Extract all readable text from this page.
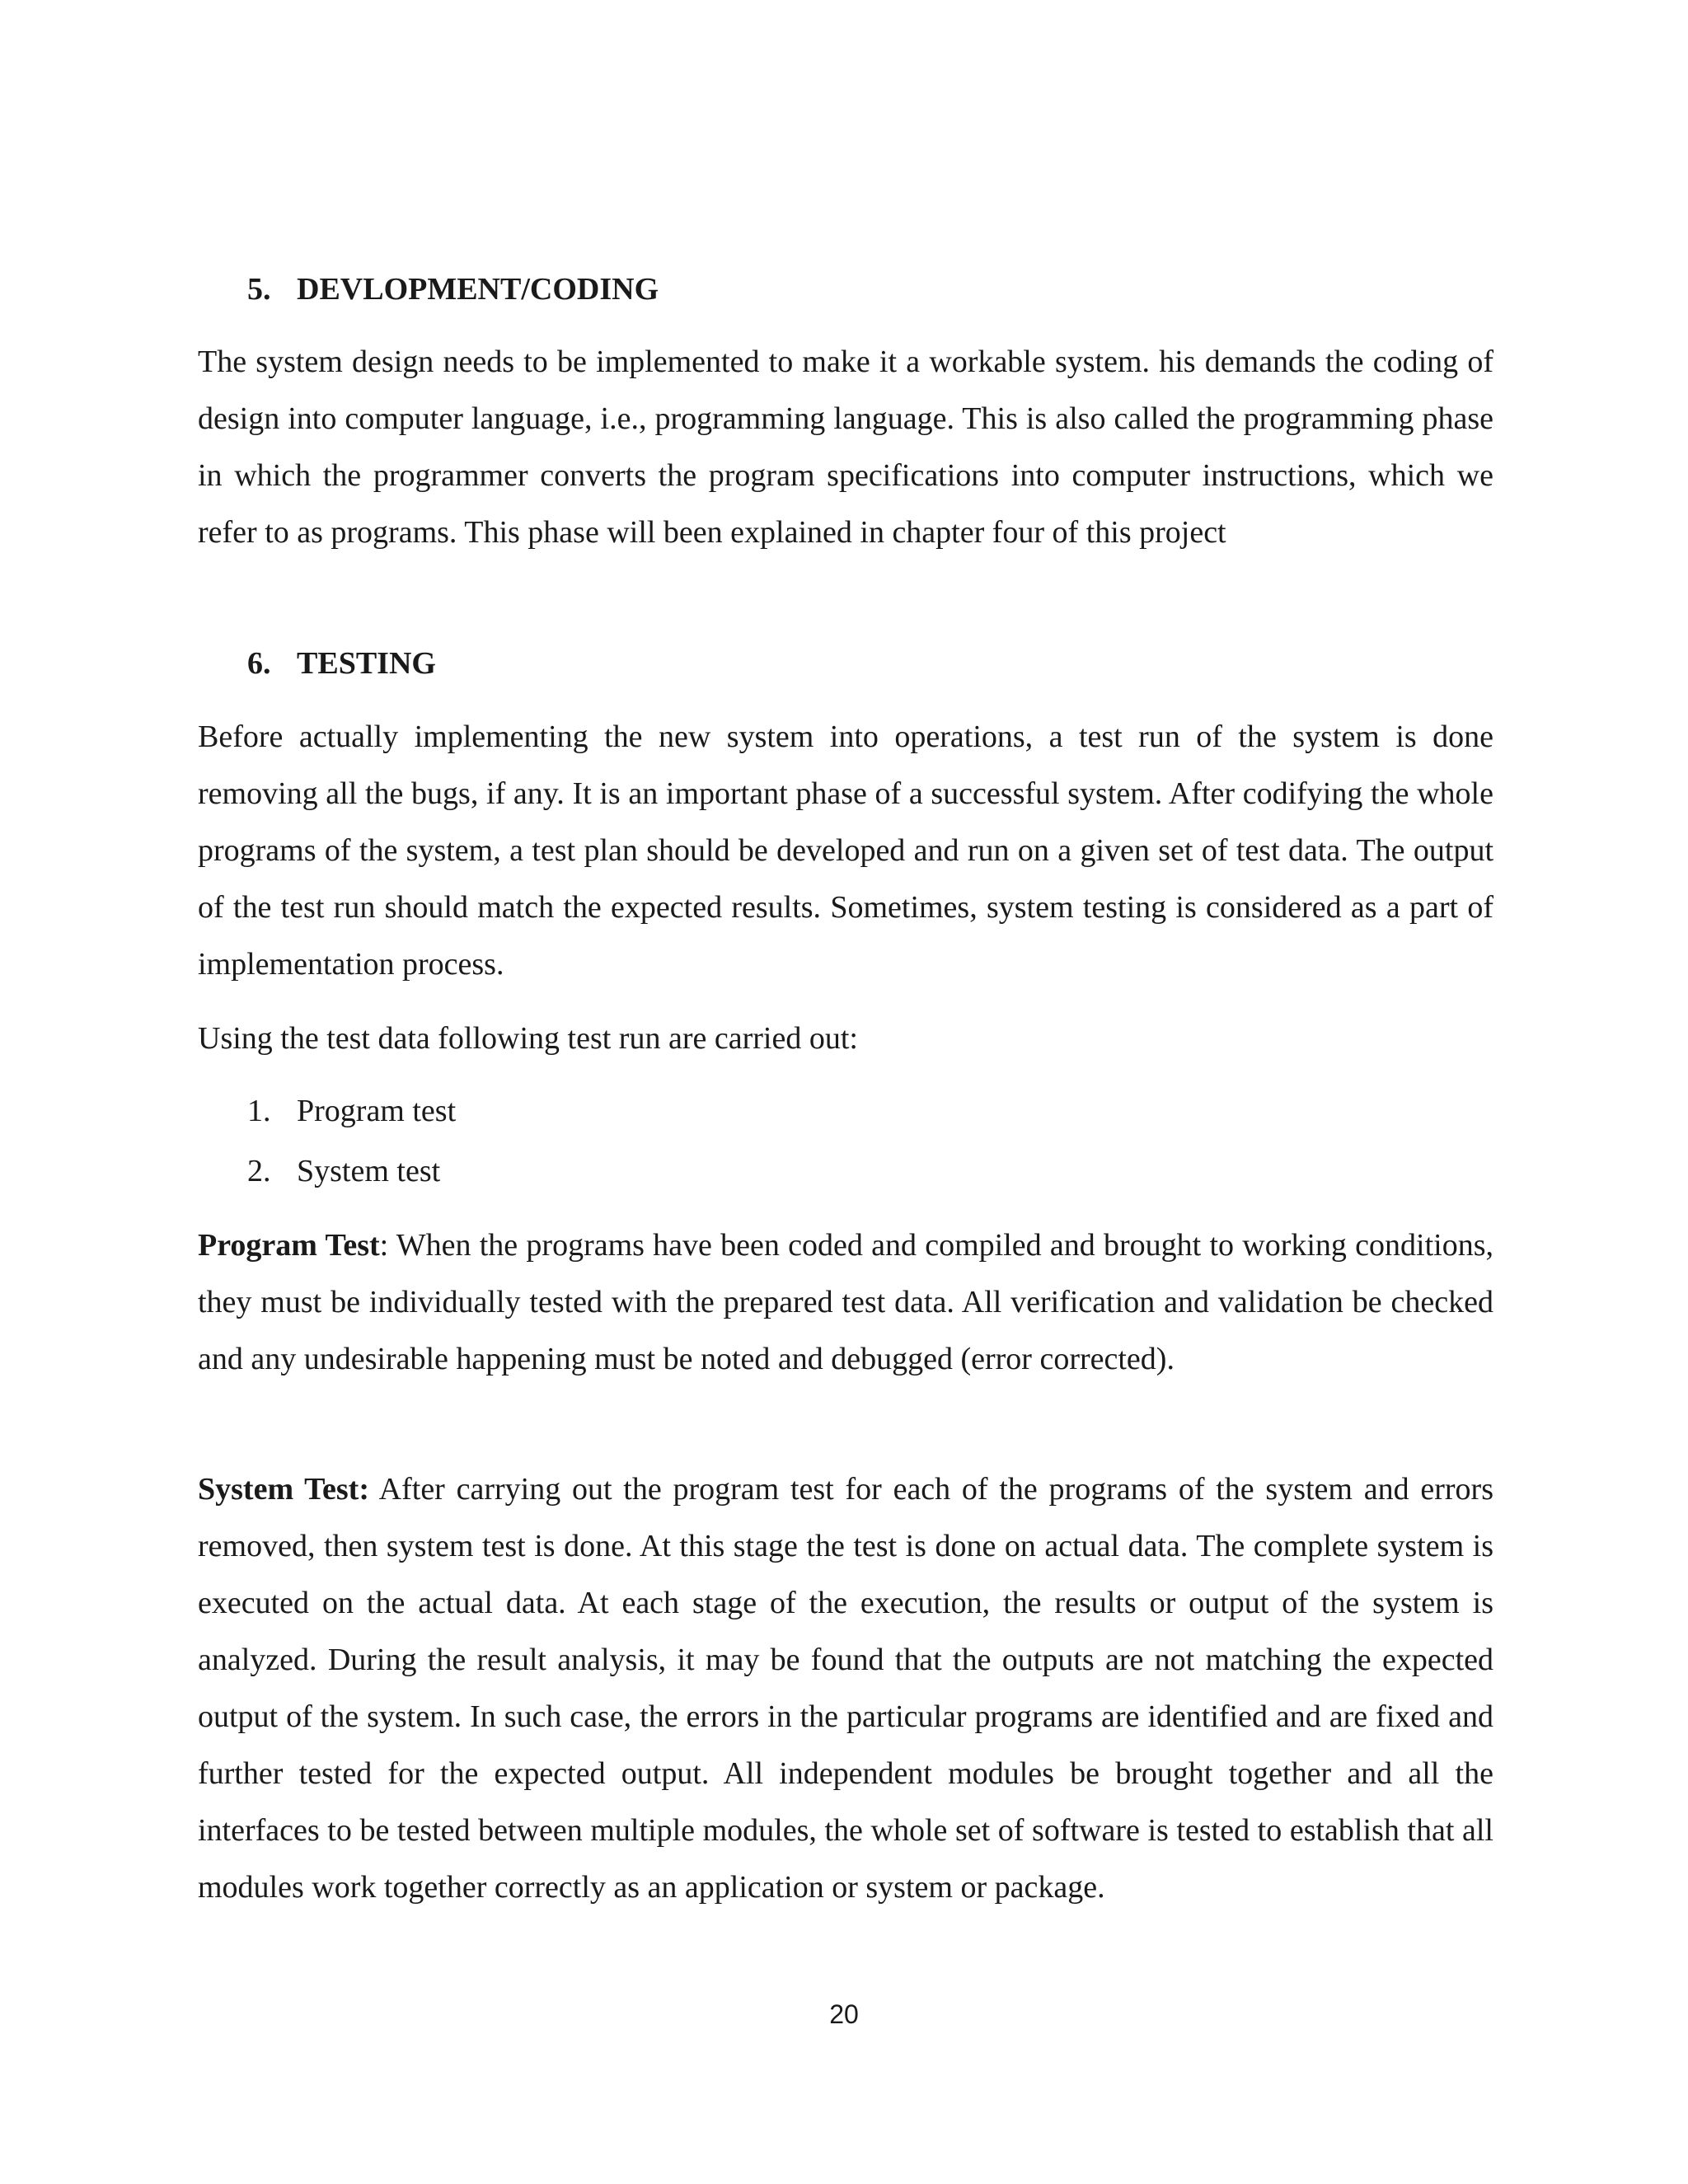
5. DEVLOPMENT/CODING

The system design needs to be implemented to make it a workable system. his demands the coding of design into computer language, i.e., programming language. This is also called the programming phase in which the programmer converts the program specifications into computer instructions, which we refer to as programs. This phase will been explained in chapter four of this project

6. TESTING

Before actually implementing the new system into operations, a test run of the system is done removing all the bugs, if any. It is an important phase of a successful system. After codifying the whole programs of the system, a test plan should be developed and run on a given set of test data. The output of the test run should match the expected results. Sometimes, system testing is considered as a part of implementation process.

Using the test data following test run are carried out:

1. Program test
2. System test

Program Test: When the programs have been coded and compiled and brought to working conditions, they must be individually tested with the prepared test data. All verification and validation be checked and any undesirable happening must be noted and debugged (error corrected).

System Test: After carrying out the program test for each of the programs of the system and errors removed, then system test is done. At this stage the test is done on actual data. The complete system is executed on the actual data. At each stage of the execution, the results or output of the system is analyzed. During the result analysis, it may be found that the outputs are not matching the expected output of the system. In such case, the errors in the particular programs are identified and are fixed and further tested for the expected output. All independent modules be brought together and all the interfaces to be tested between multiple modules, the whole set of software is tested to establish that all modules work together correctly as an application or system or package.

20
